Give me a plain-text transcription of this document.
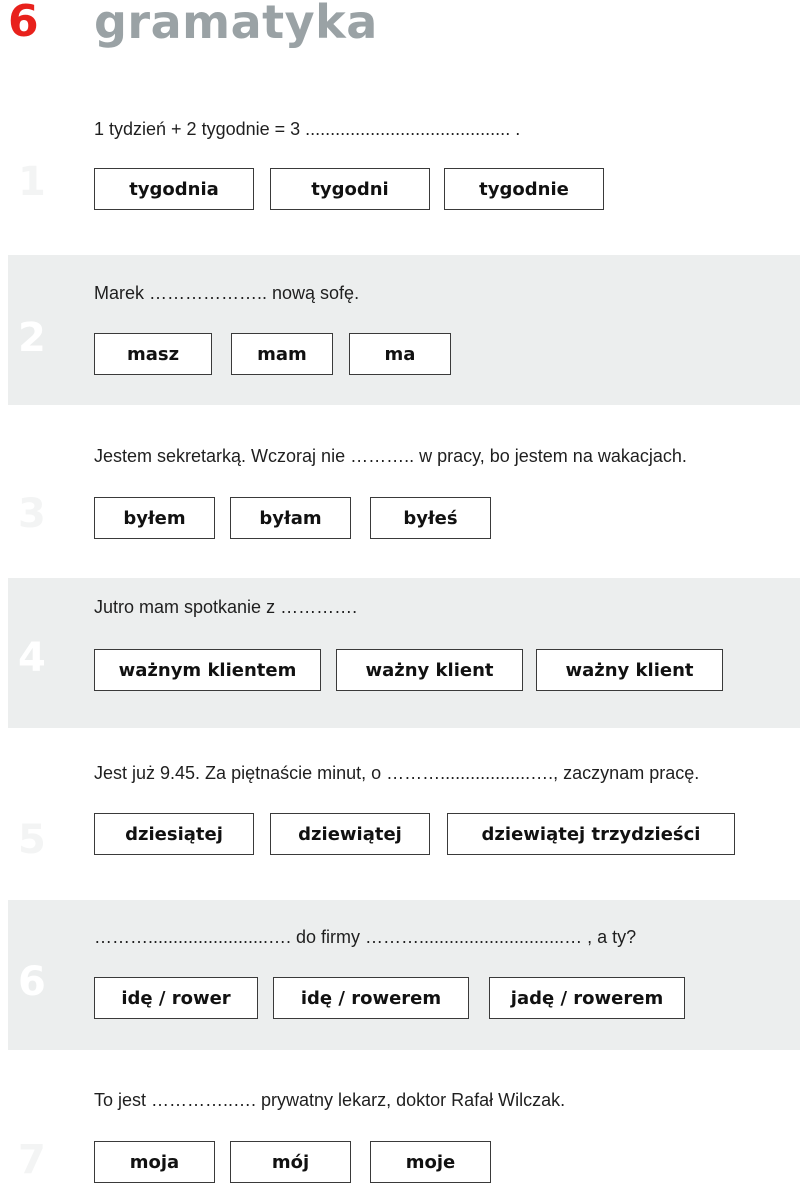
6 gramatyka
1
1 tydzień + 2 tygodnie = 3 ......................................... .
tygodnia	tygodni	tygodnie
2
Marek ……………….. nową sofę.
masz	mam	ma
3
Jestem sekretarką. Wczoraj nie ……….. w pracy, bo jestem na wakacjach.
byłem	byłam	byłeś
4
Jutro mam spotkanie z ………….
ważnym klientem	ważny klient	ważny klient
5
Jest już 9.45. Za piętnaście minut, o ………..................…., zaczynam pracę.
dziesiątej	dziewiątej	dziewiątej trzydzieści
6
………........................…. do firmy ……….............................… , a ty?
idę / rower	idę / rowerem	jadę / rowerem
7
To jest …………..…. prywatny lekarz, doktor Rafał Wilczak.
moja	mój	moje
